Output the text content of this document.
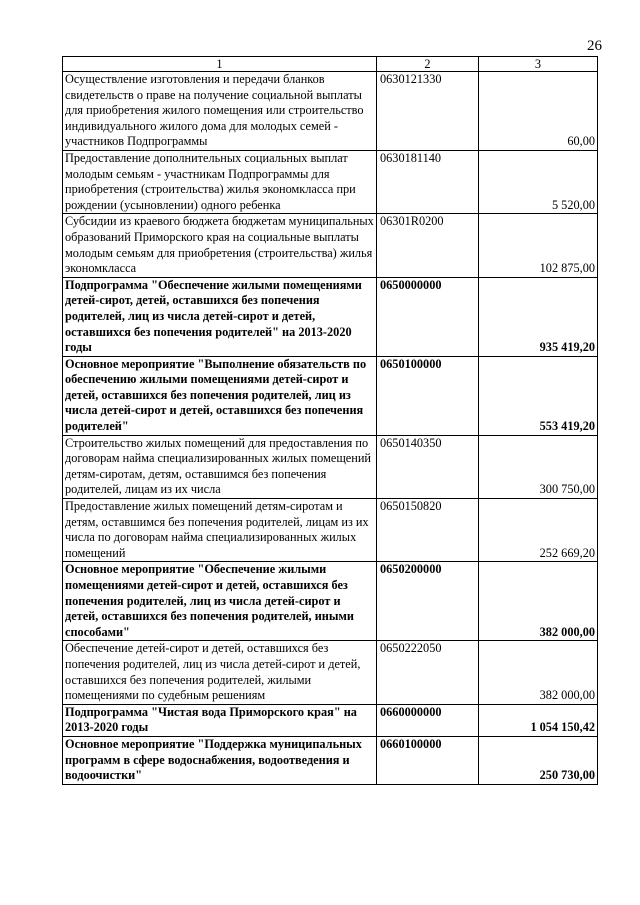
26
1	2	3
Осуществление изготовления и передачи бланков свидетельств о праве на получение социальной выплаты для приобретения жилого помещения или строительство индивидуального жилого дома для молодых семей - участников Подпрограммы	0630121330	60,00
Предоставление дополнительных социальных выплат молодым семьям - участникам Подпрограммы для приобретения (строительства) жилья экономкласса при рождении (усыновлении) одного ребенка	0630181140	5 520,00
Субсидии из краевого бюджета бюджетам муниципальных образований Приморского края на социальные выплаты молодым семьям для приобретения (строительства) жилья экономкласса	06301R0200	102 875,00
Подпрограмма "Обеспечение жилыми помещениями детей-сирот, детей, оставшихся без попечения родителей, лиц из числа детей-сирот и детей, оставшихся без попечения родителей" на 2013-2020 годы	0650000000	935 419,20
Основное мероприятие "Выполнение обязательств по обеспечению жилыми помещениями детей-сирот и детей, оставшихся без попечения родителей, лиц из числа детей-сирот и детей, оставшихся без попечения родителей"	0650100000	553 419,20
Строительство жилых помещений для предоставления по договорам найма специализированных жилых помещений детям-сиротам, детям, оставшимся без попечения родителей, лицам из их числа	0650140350	300 750,00
Предоставление жилых помещений детям-сиротам и детям, оставшимся без попечения родителей, лицам из их числа по договорам найма специализированных жилых помещений	0650150820	252 669,20
Основное мероприятие "Обеспечение жилыми помещениями детей-сирот и детей, оставшихся без попечения родителей, лиц из числа детей-сирот и детей, оставшихся без попечения родителей, иными способами"	0650200000	382 000,00
Обеспечение детей-сирот и детей, оставшихся без попечения родителей, лиц из числа детей-сирот и детей, оставшихся без попечения родителей, жилыми помещениями по судебным решениям	0650222050	382 000,00
Подпрограмма "Чистая вода Приморского края" на 2013-2020 годы	0660000000	1 054 150,42
Основное мероприятие "Поддержка муниципальных программ в сфере водоснабжения, водоотведения и водоочистки"	0660100000	250 730,00
